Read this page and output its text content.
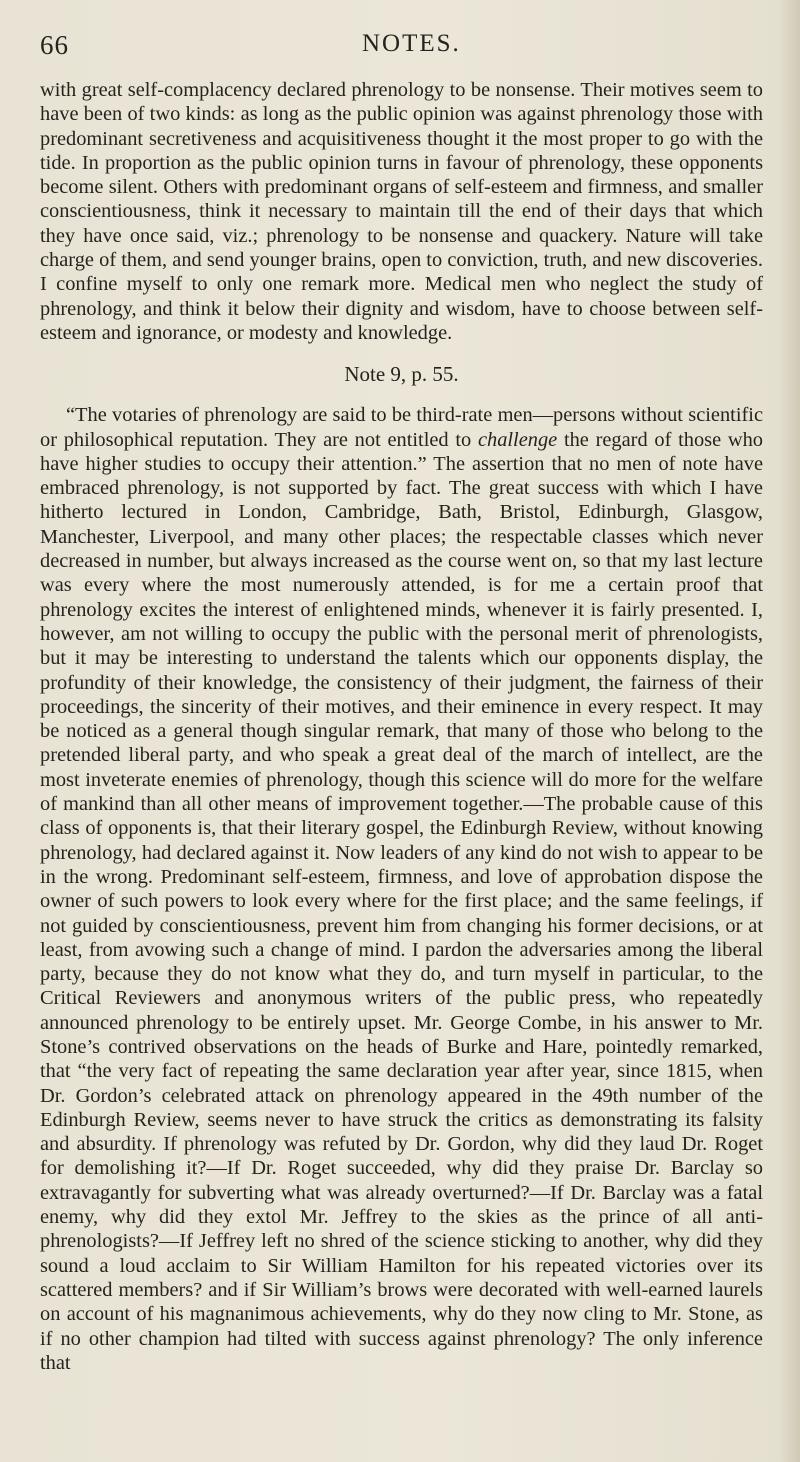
66	NOTES.

with great self-complacency declared phrenology to be nonsense. Their motives seem to have been of two kinds: as long as the public opinion was against phrenology those with predominant secretiveness and acquisitiveness thought it the most proper to go with the tide. In proportion as the public opinion turns in favour of phrenology, these opponents become silent. Others with predominant organs of self-esteem and firmness, and smaller conscientiousness, think it necessary to maintain till the end of their days that which they have once said, viz.; phrenology to be nonsense and quackery. Nature will take charge of them, and send younger brains, open to conviction, truth, and new discoveries. I confine myself to only one remark more. Medical men who neglect the study of phrenology, and think it below their dignity and wisdom, have to choose between self-esteem and ignorance, or modesty and knowledge.

Note 9, p. 55.

“The votaries of phrenology are said to be third-rate men—persons without scientific or philosophical reputation. They are not entitled to challenge the regard of those who have higher studies to occupy their attention.” The assertion that no men of note have embraced phrenology, is not supported by fact. The great success with which I have hitherto lectured in London, Cambridge, Bath, Bristol, Edinburgh, Glasgow, Manchester, Liverpool, and many other places; the respectable classes which never decreased in number, but always increased as the course went on, so that my last lecture was every where the most numerously attended, is for me a certain proof that phrenology excites the interest of enlightened minds, whenever it is fairly presented. I, however, am not willing to occupy the public with the personal merit of phrenologists, but it may be interesting to understand the talents which our opponents display, the profundity of their knowledge, the consistency of their judgment, the fairness of their proceedings, the sincerity of their motives, and their eminence in every respect. It may be noticed as a general though singular remark, that many of those who belong to the pretended liberal party, and who speak a great deal of the march of intellect, are the most inveterate enemies of phrenology, though this science will do more for the welfare of mankind than all other means of improvement together.—The probable cause of this class of opponents is, that their literary gospel, the Edinburgh Review, without knowing phrenology, had declared against it. Now leaders of any kind do not wish to appear to be in the wrong. Predominant self-esteem, firmness, and love of approbation dispose the owner of such powers to look every where for the first place; and the same feelings, if not guided by conscientiousness, prevent him from changing his former decisions, or at least, from avowing such a change of mind. I pardon the adversaries among the liberal party, because they do not know what they do, and turn myself in particular, to the Critical Reviewers and anonymous writers of the public press, who repeatedly announced phrenology to be entirely upset. Mr. George Combe, in his answer to Mr. Stone’s contrived observations on the heads of Burke and Hare, pointedly remarked, that “the very fact of repeating the same declaration year after year, since 1815, when Dr. Gordon’s celebrated attack on phrenology appeared in the 49th number of the Edinburgh Review, seems never to have struck the critics as demonstrating its falsity and absurdity. If phrenology was refuted by Dr. Gordon, why did they laud Dr. Roget for demolishing it?—If Dr. Roget succeeded, why did they praise Dr. Barclay so extravagantly for subverting what was already overturned?—If Dr. Barclay was a fatal enemy, why did they extol Mr. Jeffrey to the skies as the prince of all anti-phrenologists?—If Jeffrey left no shred of the science sticking to another, why did they sound a loud acclaim to Sir William Hamilton for his repeated victories over its scattered members? and if Sir William’s brows were decorated with well-earned laurels on account of his magnanimous achievements, why do they now cling to Mr. Stone, as if no other champion had tilted with success against phrenology? The only inference that
